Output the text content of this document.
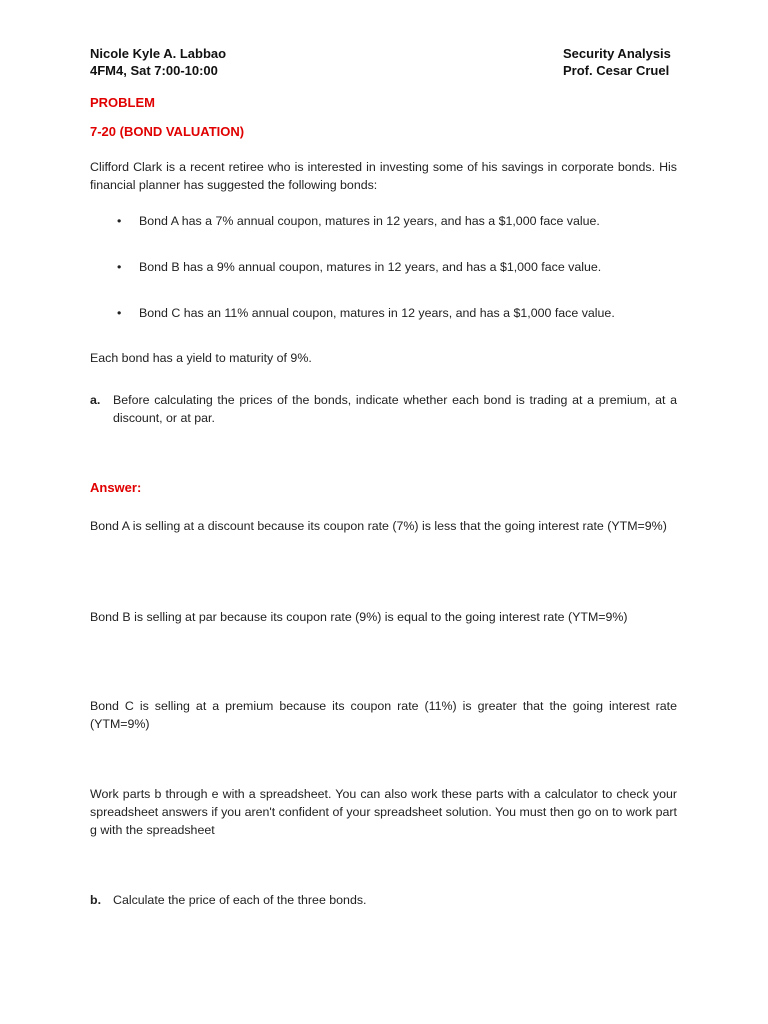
Nicole Kyle A. Labbao
4FM4, Sat 7:00-10:00
Security Analysis
Prof. Cesar Cruel
PROBLEM
7-20 (BOND VALUATION)
Clifford Clark is a recent retiree who is interested in investing some of his savings in corporate bonds. His financial planner has suggested the following bonds:
• Bond A has a 7% annual coupon, matures in 12 years, and has a $1,000 face value.
• Bond B has a 9% annual coupon, matures in 12 years, and has a $1,000 face value.
• Bond C has an 11% annual coupon, matures in 12 years, and has a $1,000 face value.
Each bond has a yield to maturity of 9%.
a. Before calculating the prices of the bonds, indicate whether each bond is trading at a premium, at a discount, or at par.
Answer:
Bond A is selling at a discount because its coupon rate (7%) is less that the going interest rate (YTM=9%)
Bond B is selling at par because its coupon rate (9%) is equal to the going interest rate (YTM=9%)
Bond C is selling at a premium because its coupon rate (11%) is greater that the going interest rate (YTM=9%)
Work parts b through e with a spreadsheet. You can also work these parts with a calculator to check your spreadsheet answers if you aren't confident of your spreadsheet solution. You must then go on to work part g with the spreadsheet
b. Calculate the price of each of the three bonds.
